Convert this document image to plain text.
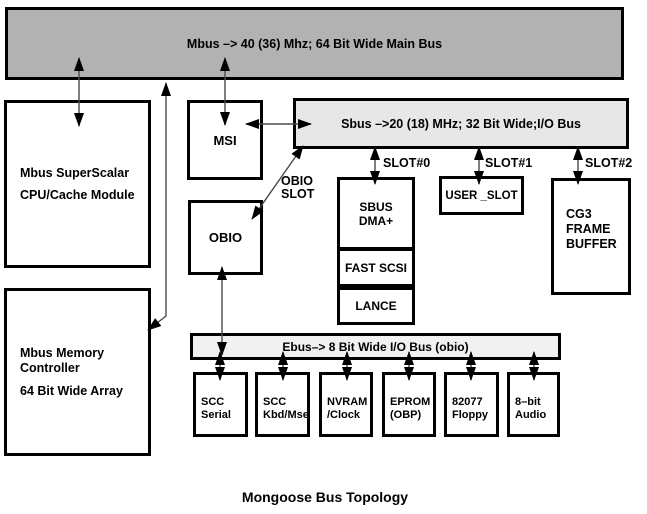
Mbus –> 40 (36) Mhz; 64 Bit Wide Main Bus
Mbus SuperScalar
CPU/Cache Module
Mbus Memory
Controller
64 Bit Wide Array
MSI
OBIO
Sbus –>20 (18) MHz; 32 Bit Wide;I/O Bus
OBIO
SLOT
SLOT#0	SLOT#1	SLOT#2
SBUS
DMA+
FAST SCSI
LANCE
USER _SLOT
CG3
FRAME
BUFFER
Ebus–> 8 Bit Wide I/O Bus (obio)
SCC
Serial
SCC
Kbd/Mse
NVRAM
/Clock
EPROM
(OBP)
82077
Floppy
8–bit
Audio
Mongoose Bus Topology
